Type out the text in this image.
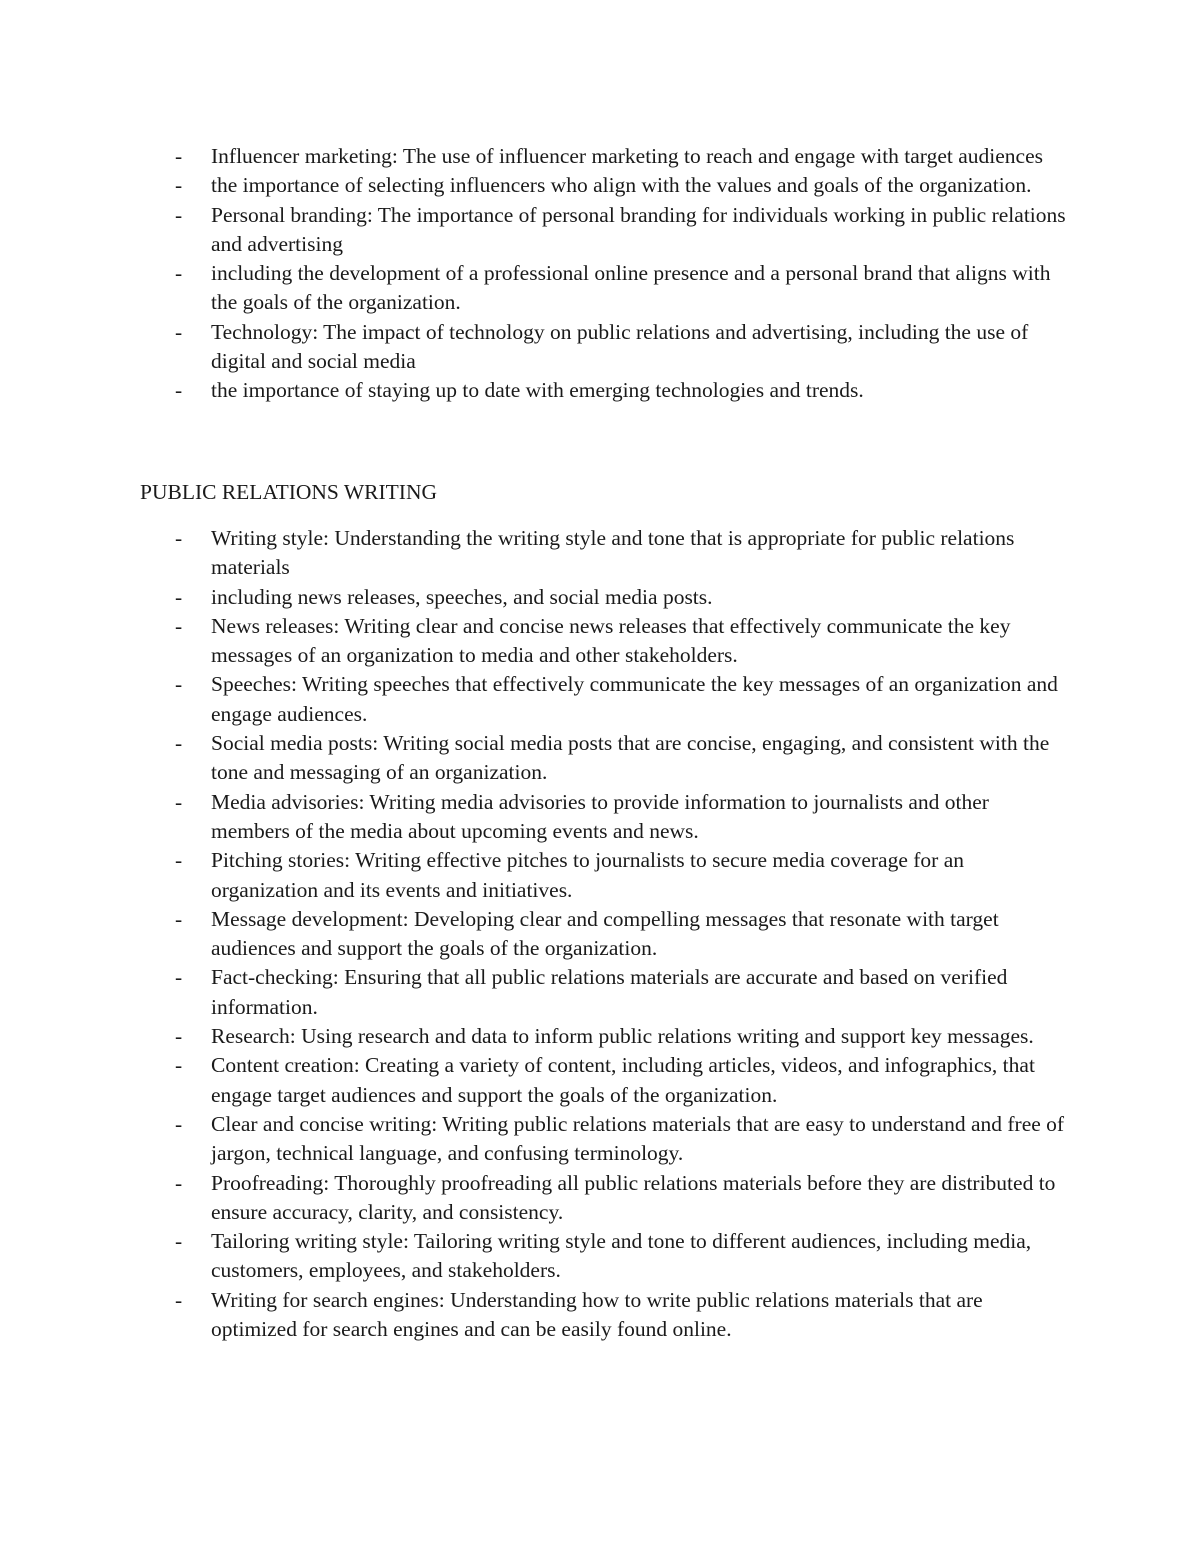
-	Influencer marketing: The use of influencer marketing to reach and engage with target audiences
-	the importance of selecting influencers who align with the values and goals of the organization.
-	Personal branding: The importance of personal branding for individuals working in public relations and advertising
-	including the development of a professional online presence and a personal brand that aligns with the goals of the organization.
-	Technology: The impact of technology on public relations and advertising, including the use of digital and social media
-	the importance of staying up to date with emerging technologies and trends.
PUBLIC RELATIONS WRITING
-	Writing style: Understanding the writing style and tone that is appropriate for public relations materials
-	including news releases, speeches, and social media posts.
-	News releases: Writing clear and concise news releases that effectively communicate the key messages of an organization to media and other stakeholders.
-	Speeches: Writing speeches that effectively communicate the key messages of an organization and engage audiences.
-	Social media posts: Writing social media posts that are concise, engaging, and consistent with the tone and messaging of an organization.
-	Media advisories: Writing media advisories to provide information to journalists and other members of the media about upcoming events and news.
-	Pitching stories: Writing effective pitches to journalists to secure media coverage for an organization and its events and initiatives.
-	Message development: Developing clear and compelling messages that resonate with target audiences and support the goals of the organization.
-	Fact-checking: Ensuring that all public relations materials are accurate and based on verified information.
-	Research: Using research and data to inform public relations writing and support key messages.
-	Content creation: Creating a variety of content, including articles, videos, and infographics, that engage target audiences and support the goals of the organization.
-	Clear and concise writing: Writing public relations materials that are easy to understand and free of jargon, technical language, and confusing terminology.
-	Proofreading: Thoroughly proofreading all public relations materials before they are distributed to ensure accuracy, clarity, and consistency.
-	Tailoring writing style: Tailoring writing style and tone to different audiences, including media, customers, employees, and stakeholders.
-	Writing for search engines: Understanding how to write public relations materials that are optimized for search engines and can be easily found online.
